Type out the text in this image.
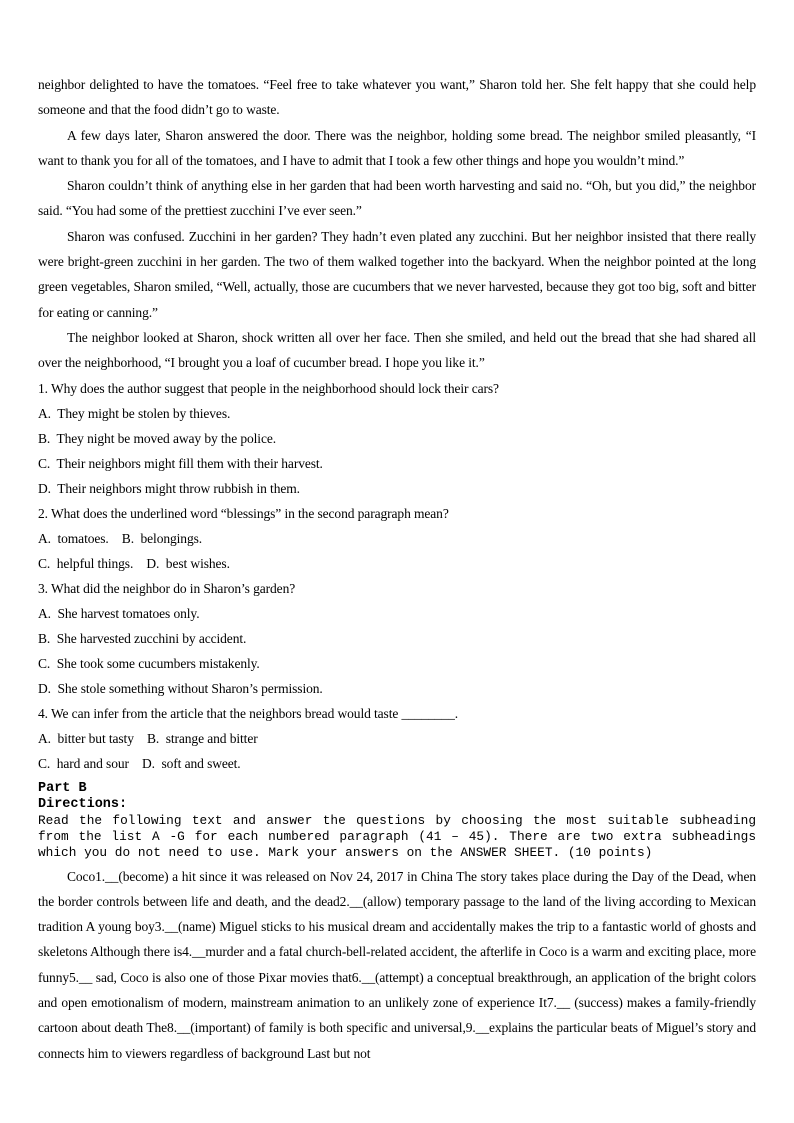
neighbor delighted to have the tomatoes. “Feel free to take whatever you want,” Sharon told her. She felt happy that she could help someone and that the food didn’t go to waste.

A few days later, Sharon answered the door. There was the neighbor, holding some bread. The neighbor smiled pleasantly, “I want to thank you for all of the tomatoes, and I have to admit that I took a few other things and hope you wouldn’t mind.”

Sharon couldn’t think of anything else in her garden that had been worth harvesting and said no. “Oh, but you did,” the neighbor said. “You had some of the prettiest zucchini I’ve ever seen.”

Sharon was confused. Zucchini in her garden? They hadn’t even plated any zucchini. But her neighbor insisted that there really were bright-green zucchini in her garden. The two of them walked together into the backyard. When the neighbor pointed at the long green vegetables, Sharon smiled, “Well, actually, those are cucumbers that we never harvested, because they got too big, soft and bitter for eating or canning.”

The neighbor looked at Sharon, shock written all over her face. Then she smiled, and held out the bread that she had shared all over the neighborhood, “I brought you a loaf of cucumber bread. I hope you like it.”

1. Why does the author suggest that people in the neighborhood should lock their cars?

A.  They might be stolen by thieves.

B.  They night be moved away by the police.

C.  Their neighbors might fill them with their harvest.

D.  Their neighbors might throw rubbish in them.

2. What does the underlined word “blessings” in the second paragraph mean?

A.  tomatoes.    B.  belongings.

C.  helpful things.    D.  best wishes.

3. What did the neighbor do in Sharon’s garden?

A.  She harvest tomatoes only.

B.  She harvested zucchini by accident.

C.  She took some cucumbers mistakenly.

D.  She stole something without Sharon’s permission.

4. We can infer from the article that the neighbors bread would taste ________.

A.  bitter but tasty    B.  strange and bitter

C.  hard and sour    D.  soft and sweet.

Part B

Directions:

Read the following text and answer the questions by choosing the most suitable subheading from the list A -G for each numbered paragraph (41 – 45). There are two extra subheadings which you do not need to use. Mark your answers on the ANSWER SHEET. (10 points)

Coco1.__(become) a hit since it was released on Nov 24, 2017 in China The story takes place during the Day of the Dead, when the border controls between life and death, and the dead2.__(allow) temporary passage to the land of the living according to Mexican tradition A young boy3.__(name) Miguel sticks to his musical dream and accidentally makes the trip to a fantastic world of ghosts and skeletons Although there is4.__murder and a fatal church-bell-related accident, the afterlife in Coco is a warm and exciting place, more funny5.__ sad, Coco is also one of those Pixar movies that6.__(attempt) a conceptual breakthrough, an application of the bright colors and open emotionalism of modern, mainstream animation to an unlikely zone of experience It7.__ (success) makes a family-friendly cartoon about death The8.__(important) of family is both specific and universal,9.__explains the particular beats of Miguel’s story and connects him to viewers regardless of background Last but not
